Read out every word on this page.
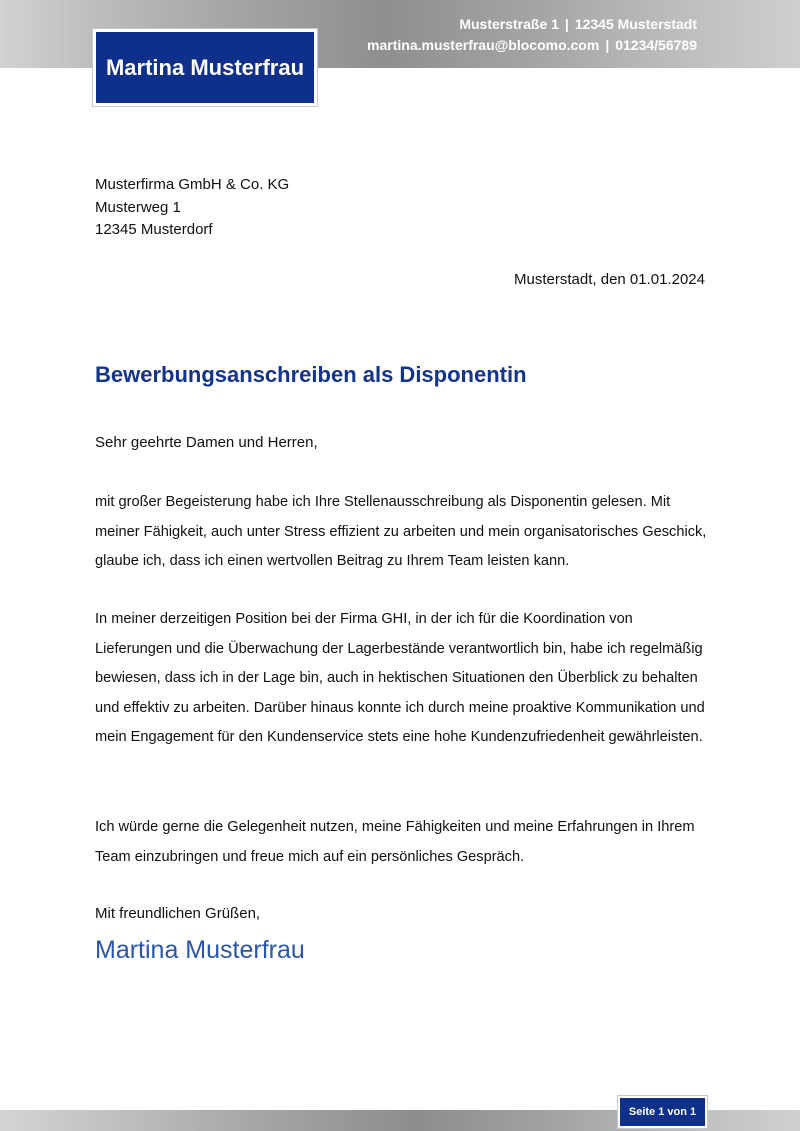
Musterstraße 1 | 12345 Musterstadt
martina.musterfrau@blocomo.com | 01234/56789
Martina Musterfrau
Musterfirma GmbH & Co. KG
Musterweg 1
12345 Musterdorf
Musterstadt, den 01.01.2024
Bewerbungsanschreiben als Disponentin
Sehr geehrte Damen und Herren,
mit großer Begeisterung habe ich Ihre Stellenausschreibung als Disponentin gelesen. Mit meiner Fähigkeit, auch unter Stress effizient zu arbeiten und mein organisatorisches Geschick, glaube ich, dass ich einen wertvollen Beitrag zu Ihrem Team leisten kann.
In meiner derzeitigen Position bei der Firma GHI, in der ich für die Koordination von Lieferungen und die Überwachung der Lagerbestände verantwortlich bin, habe ich regelmäßig bewiesen, dass ich in der Lage bin, auch in hektischen Situationen den Überblick zu behalten und effektiv zu arbeiten. Darüber hinaus konnte ich durch meine proaktive Kommunikation und mein Engagement für den Kundenservice stets eine hohe Kundenzufriedenheit gewährleisten.
Ich würde gerne die Gelegenheit nutzen, meine Fähigkeiten und meine Erfahrungen in Ihrem Team einzubringen und freue mich auf ein persönliches Gespräch.
Mit freundlichen Grüßen,
Martina Musterfrau
Seite 1 von 1
